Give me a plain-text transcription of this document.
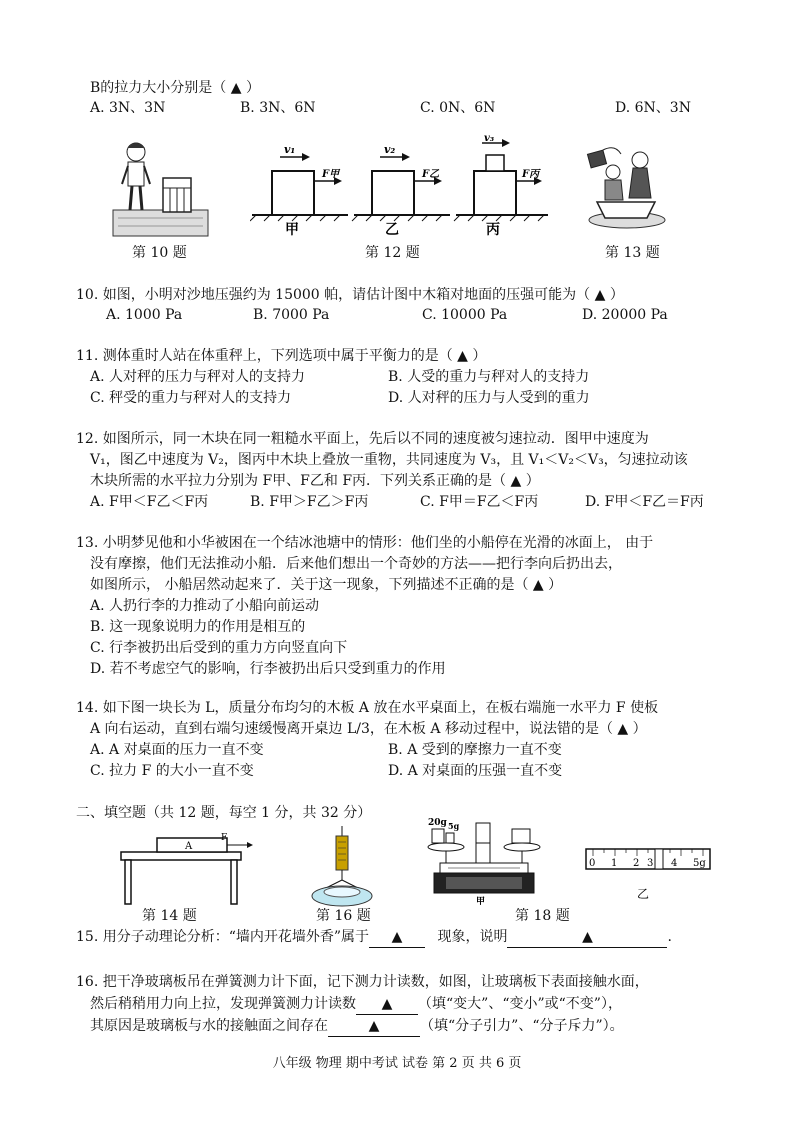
B的拉力大小分别是（ ▲ ）
A. 3N、3N	B. 3N、6N	C. 0N、6N	D. 6N、3N
v₁
F甲
甲
v₂
F乙
乙
v₃
F丙
丙
第 10 题	第 12 题	第 13 题
10. 如图，小明对沙地压强约为 15000 帕，请估计图中木箱对地面的压强可能为（ ▲ ）
A. 1000 Pa	B. 7000 Pa	C. 10000 Pa	D. 20000 Pa
11. 测体重时人站在体重秤上，下列选项中属于平衡力的是（ ▲ ）
A. 人对秤的压力与秤对人的支持力	B. 人受的重力与秤对人的支持力
C. 秤受的重力与秤对人的支持力	D. 人对秤的压力与人受到的重力
12. 如图所示，同一木块在同一粗糙水平面上，先后以不同的速度被匀速拉动．图甲中速度为
V₁，图乙中速度为 V₂，图丙中木块上叠放一重物，共同速度为 V₃，且 V₁＜V₂＜V₃，匀速拉动该
木块所需的水平拉力分别为 F甲、F乙和 F丙．下列关系正确的是（ ▲ ）
A. F甲＜F乙＜F丙	B. F甲＞F乙＞F丙	C. F甲＝F乙＜F丙	D. F甲＜F乙＝F丙
13. 小明梦见他和小华被困在一个结冰池塘中的情形：他们坐的小船停在光滑的冰面上， 由于
没有摩擦，他们无法推动小船．后来他们想出一个奇妙的方法——把行李向后扔出去，
如图所示， 小船居然动起来了．关于这一现象，下列描述不正确的是（ ▲ ）
A. 人扔行李的力推动了小船向前运动
B. 这一现象说明力的作用是相互的
C. 行李被扔出后受到的重力方向竖直向下
D. 若不考虑空气的影响，行李被扔出后只受到重力的作用
14. 如下图一块长为 L，质量分布均匀的木板 A 放在水平桌面上，在板右端施一水平力 F 使板
A 向右运动，直到右端匀速缓慢离开桌边 L/3，在木板 A 移动过程中，说法错的是（ ▲ ）
A. A 对桌面的压力一直不变	B. A 受到的摩擦力一直不变
C. 拉力 F 的大小一直不变	D. A 对桌面的压强一直不变
二、填空题（共 12 题，每空 1 分，共 32 分）
A
F
20g 5g
甲
0 1 2 3 4 5g
乙
第 14 题	第 16 题	第 18 题
15. 用分子动理论分析：“墙内开花墙外香”属于 ▲	现象，说明	▲	.
16. 把干净玻璃板吊在弹簧测力计下面，记下测力计读数，如图，让玻璃板下表面接触水面，
然后稍稍用力向上拉，发现弹簧测力计读数 ▲ （填“变大”、“变小”或“不变”），
其原因是玻璃板与水的接触面之间存在	▲	（填“分子引力”、“分子斥力”）。
八年级 物理 期中考试 试卷 第 2 页 共 6 页
